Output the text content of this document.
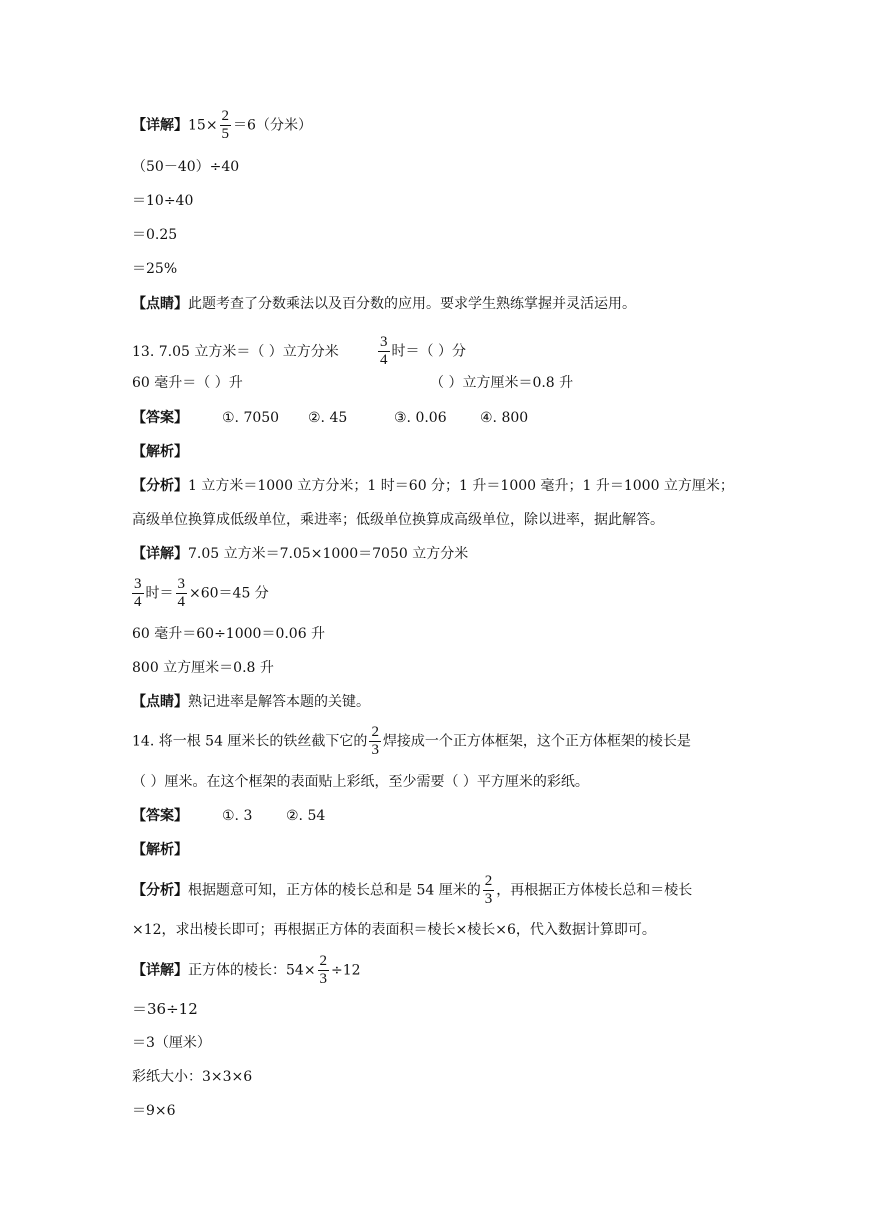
【详解】$15\times \frac{2}{5} =6$（分米）
（50－40）÷40
＝10÷40
＝0.25
＝25%
【点睛】此题考查了分数乘法以及百分数的应用。要求学生熟练掌握并灵活运用。
13. 7.05 立方米＝（ ）立方分米	$\frac{3}{4}$ 时＝（ ）分
60 毫升＝（ ）升	（ ）立方厘米＝0.8 升
【答案】 ①. 7050 ②. 45	③. 0.06 ④. 800
【解析】
【分析】1 立方米＝1000 立方分米；1 时＝60 分；1 升＝1000 毫升；1 升＝1000 立方厘米；
高级单位换算成低级单位，乘进率；低级单位换算成高级单位，除以进率，据此解答。
【详解】7.05 立方米＝7.05×1000＝7050 立方分米
$\frac{3}{4}$ 时＝ $\frac{3}{4} \times 60=45$ 分
60 毫升＝60÷1000＝0.06 升
800 立方厘米＝0.8 升
【点睛】熟记进率是解答本题的关键。
14. 将一根 54 厘米长的铁丝截下它的 $\frac{2}{3}$ 焊接成一个正方体框架，这个正方体框架的棱长是
（ ）厘米。在这个框架的表面贴上彩纸，至少需要（ ）平方厘米的彩纸。
【答案】 ①. 3 ②. 54
【解析】
【分析】根据题意可知，正方体的棱长总和是 54 厘米的 $\frac{2}{3}$ ，再根据正方体棱长总和＝棱长
×12，求出棱长即可；再根据正方体的表面积＝棱长×棱长×6，代入数据计算即可。
【详解】正方体的棱长：$54\times \frac{2}{3} \div 12$
＝36÷12
＝3（厘米）
彩纸大小：3×3×6
＝9×6
